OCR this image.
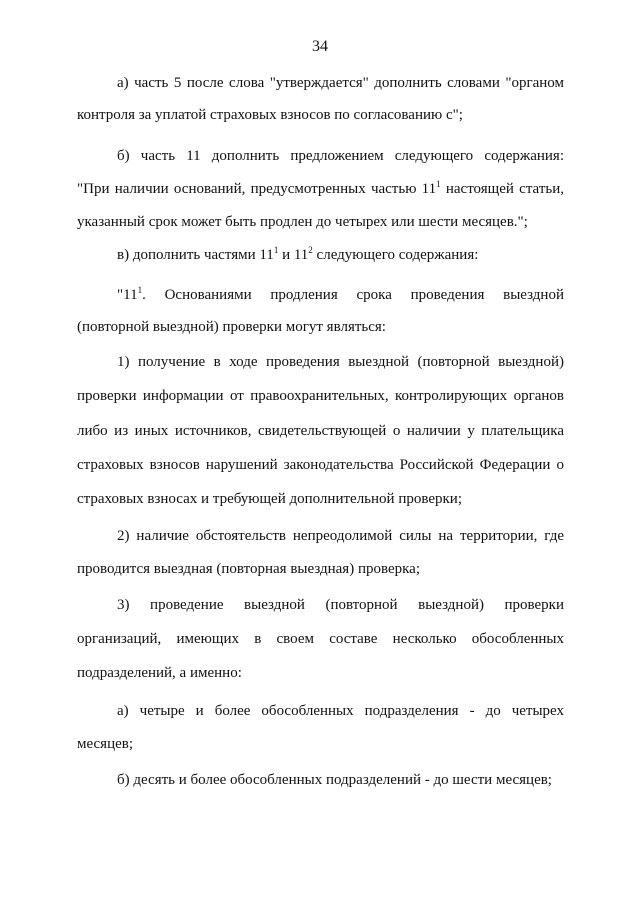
34
а) часть 5 после слова "утверждается" дополнить словами "органом
контроля за уплатой страховых взносов по согласованию с";
б) часть 11 дополнить предложением следующего содержания:
"При наличии оснований, предусмотренных частью $11^1$ настоящей статьи,
указанный срок может быть продлен до четырех или шести месяцев.";
в) дополнить частями $11^1$ и $11^2$ следующего содержания:
"$11^1$. Основаниями продления срока проведения выездной
(повторной выездной) проверки могут являться:
1) получение в ходе проведения выездной (повторной выездной)
проверки информации от правоохранительных, контролирующих органов
либо из иных источников, свидетельствующей о наличии у плательщика
страховых взносов нарушений законодательства Российской Федерации о
страховых взносах и требующей дополнительной проверки;
2) наличие обстоятельств непреодолимой силы на территории, где
проводится выездная (повторная выездная) проверка;
3) проведение выездной (повторной выездной) проверки
организаций, имеющих в своем составе несколько обособленных
подразделений, а именно:
а) четыре и более обособленных подразделения - до четырех
месяцев;
б) десять и более обособленных подразделений - до шести месяцев;
